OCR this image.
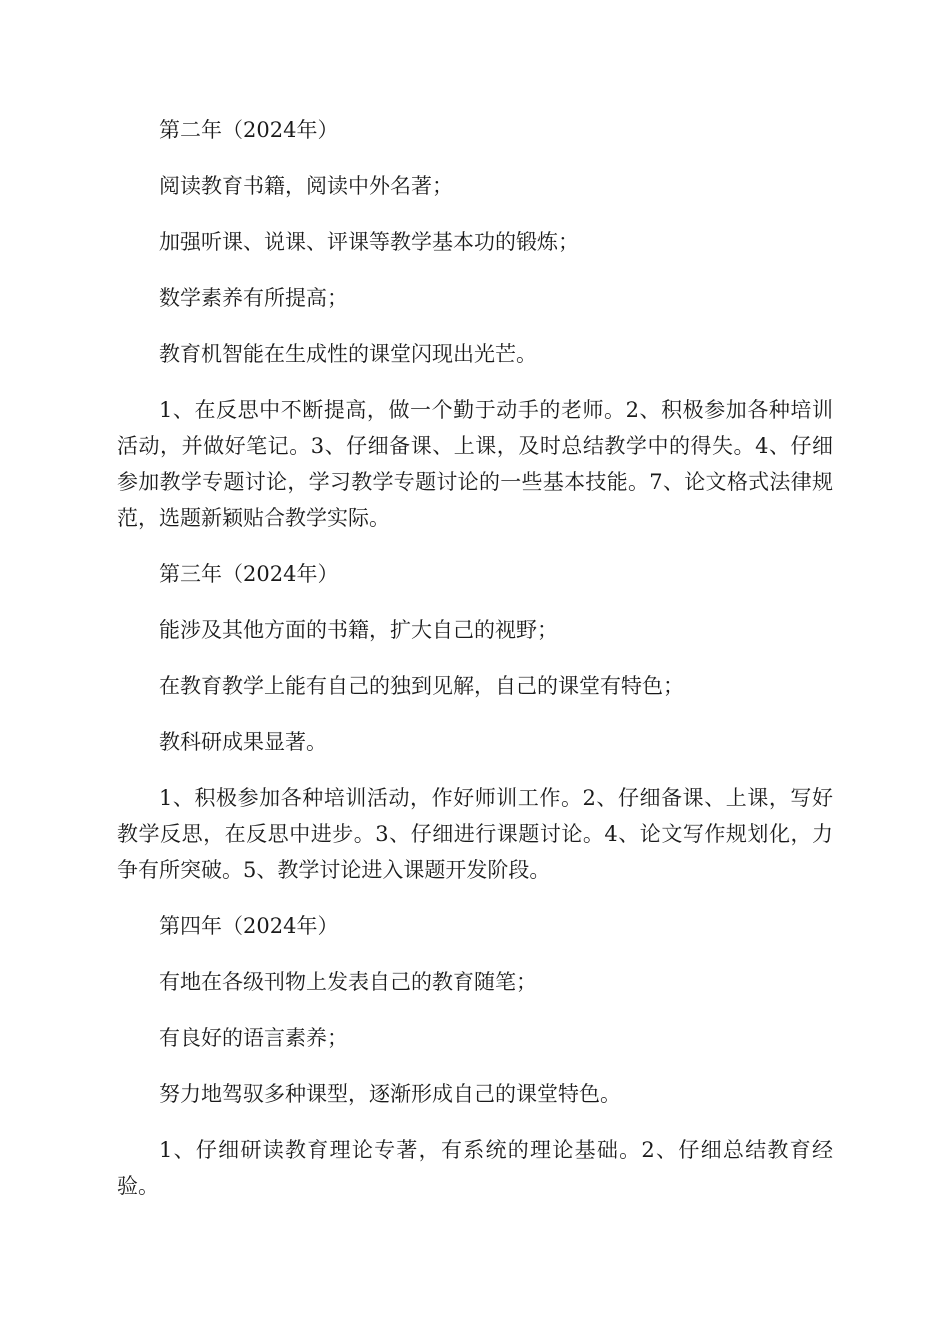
第二年（2024年）

阅读教育书籍，阅读中外名著；

加强听课、说课、评课等教学基本功的锻炼；

数学素养有所提高；

教育机智能在生成性的课堂闪现出光芒。

1、在反思中不断提高，做一个勤于动手的老师。2、积极参加各种培训活动，并做好笔记。3、仔细备课、上课，及时总结教学中的得失。4、仔细参加教学专题讨论，学习教学专题讨论的一些基本技能。7、论文格式法律规范，选题新颖贴合教学实际。

第三年（2024年）

能涉及其他方面的书籍，扩大自己的视野；

在教育教学上能有自己的独到见解，自己的课堂有特色；

教科研成果显著。

1、积极参加各种培训活动，作好师训工作。2、仔细备课、上课，写好教学反思，在反思中进步。3、仔细进行课题讨论。4、论文写作规划化，力争有所突破。5、教学讨论进入课题开发阶段。

第四年（2024年）

有地在各级刊物上发表自己的教育随笔；

有良好的语言素养；

努力地驾驭多种课型，逐渐形成自己的课堂特色。

1、仔细研读教育理论专著，有系统的理论基础。2、仔细总结教育经验。
